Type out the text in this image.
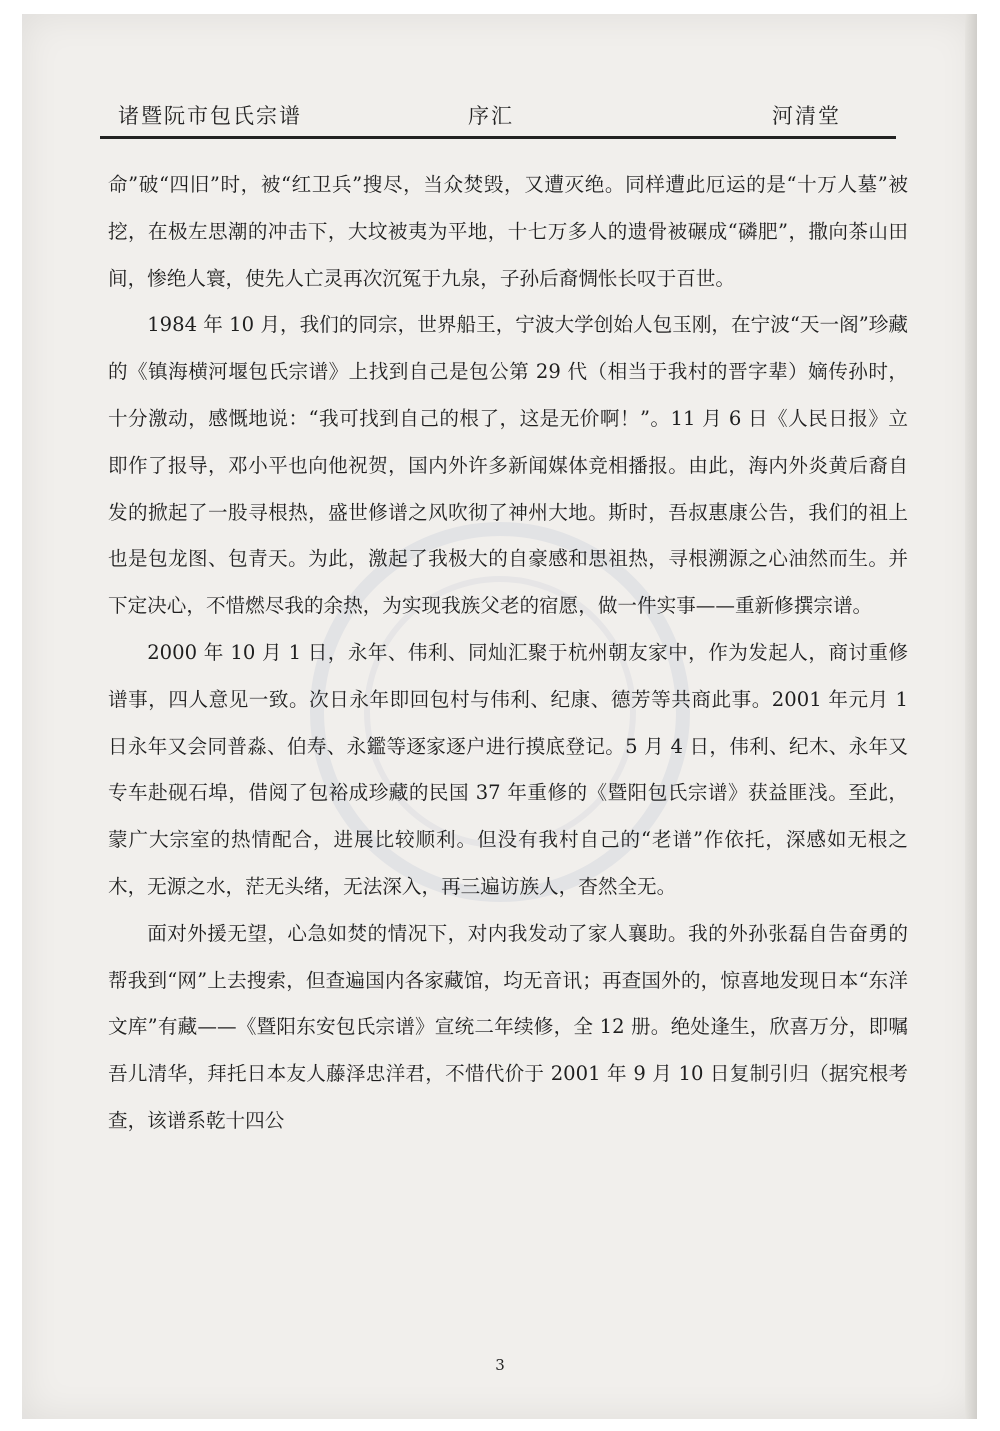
诸暨阮市包氏宗谱	序汇	河清堂

命”破“四旧”时，被“红卫兵”搜尽，当众焚毁，又遭灭绝。同样遭此厄运的是“十万人墓”被挖，在极左思潮的冲击下，大坟被夷为平地，十七万多人的遗骨被碾成“磷肥”，撒向茶山田间，惨绝人寰，使先人亡灵再次沉冤于九泉，子孙后裔惆怅长叹于百世。

1984 年 10 月，我们的同宗，世界船王，宁波大学创始人包玉刚，在宁波“天一阁”珍藏的《镇海横河堰包氏宗谱》上找到自己是包公第 29 代（相当于我村的晋字辈）嫡传孙时，十分激动，感慨地说：“我可找到自己的根了，这是无价啊！”。11 月 6 日《人民日报》立即作了报导，邓小平也向他祝贺，国内外许多新闻媒体竞相播报。由此，海内外炎黄后裔自发的掀起了一股寻根热，盛世修谱之风吹彻了神州大地。斯时，吾叔惠康公告，我们的祖上也是包龙图、包青天。为此，激起了我极大的自豪感和思祖热，寻根溯源之心油然而生。并下定决心，不惜燃尽我的余热，为实现我族父老的宿愿，做一件实事——重新修撰宗谱。

2000 年 10 月 1 日，永年、伟利、同灿汇聚于杭州朝友家中，作为发起人，商讨重修谱事，四人意见一致。次日永年即回包村与伟利、纪康、德芳等共商此事。2001 年元月 1 日永年又会同普淼、伯寿、永鑑等逐家逐户进行摸底登记。5 月 4 日，伟利、纪木、永年又专车赴砚石埠，借阅了包裕成珍藏的民国 37 年重修的《暨阳包氏宗谱》获益匪浅。至此，蒙广大宗室的热情配合，进展比较顺利。但没有我村自己的“老谱”作依托，深感如无根之木，无源之水，茫无头绪，无法深入，再三遍访族人，杳然全无。

面对外援无望，心急如焚的情况下，对内我发动了家人襄助。我的外孙张磊自告奋勇的帮我到“网”上去搜索，但查遍国内各家藏馆，均无音讯；再查国外的，惊喜地发现日本“东洋文库”有藏——《暨阳东安包氏宗谱》宣统二年续修，全 12 册。绝处逢生，欣喜万分，即嘱吾儿清华，拜托日本友人藤泽忠洋君，不惜代价于 2001 年 9 月 10 日复制引归（据究根考查，该谱系乾十四公

3
